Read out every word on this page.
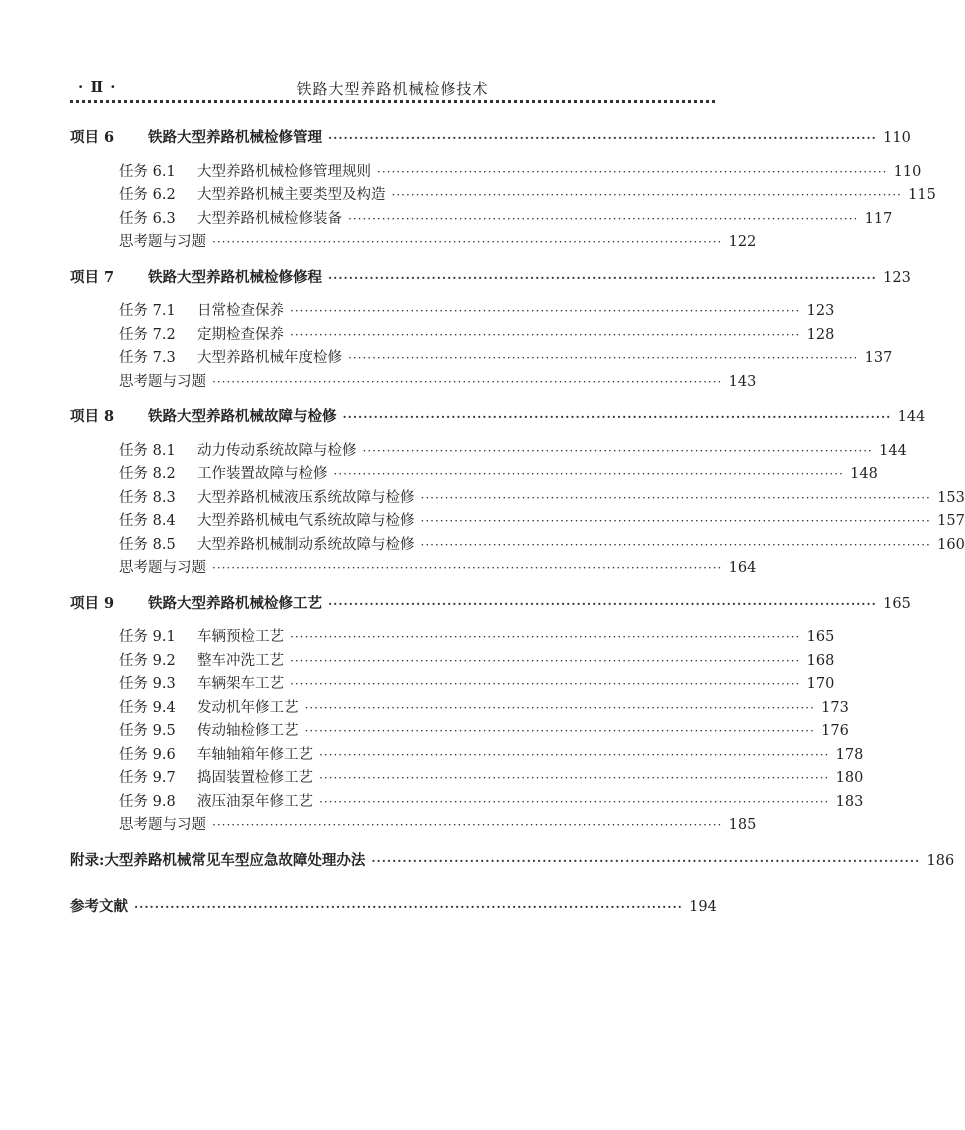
· Ⅱ ·	铁路大型养路机械检修技术
项目 6 铁路大型养路机械检修管理 ·········································································································· 110
任务 6.1 大型养路机械检修管理规则 ·········································································································· 110
任务 6.2 大型养路机械主要类型及构造 ·········································································································· 115
任务 6.3 大型养路机械检修装备 ·········································································································· 117
思考题与习题 ·········································································································· 122
项目 7 铁路大型养路机械检修修程 ·········································································································· 123
任务 7.1 日常检查保养 ·········································································································· 123
任务 7.2 定期检查保养 ·········································································································· 128
任务 7.3 大型养路机械年度检修 ·········································································································· 137
思考题与习题 ·········································································································· 143
项目 8 铁路大型养路机械故障与检修 ·········································································································· 144
任务 8.1 动力传动系统故障与检修 ·········································································································· 144
任务 8.2 工作装置故障与检修 ·········································································································· 148
任务 8.3 大型养路机械液压系统故障与检修 ·········································································································· 153
任务 8.4 大型养路机械电气系统故障与检修 ·········································································································· 157
任务 8.5 大型养路机械制动系统故障与检修 ·········································································································· 160
思考题与习题 ·········································································································· 164
项目 9 铁路大型养路机械检修工艺 ·········································································································· 165
任务 9.1 车辆预检工艺 ·········································································································· 165
任务 9.2 整车冲洗工艺 ·········································································································· 168
任务 9.3 车辆架车工艺 ·········································································································· 170
任务 9.4 发动机年修工艺 ·········································································································· 173
任务 9.5 传动轴检修工艺 ·········································································································· 176
任务 9.6 车轴轴箱年修工艺 ·········································································································· 178
任务 9.7 捣固装置检修工艺 ·········································································································· 180
任务 9.8 液压油泵年修工艺 ·········································································································· 183
思考题与习题 ·········································································································· 185
附录:大型养路机械常见车型应急故障处理办法 ·········································································································· 186
参考文献 ·········································································································· 194
